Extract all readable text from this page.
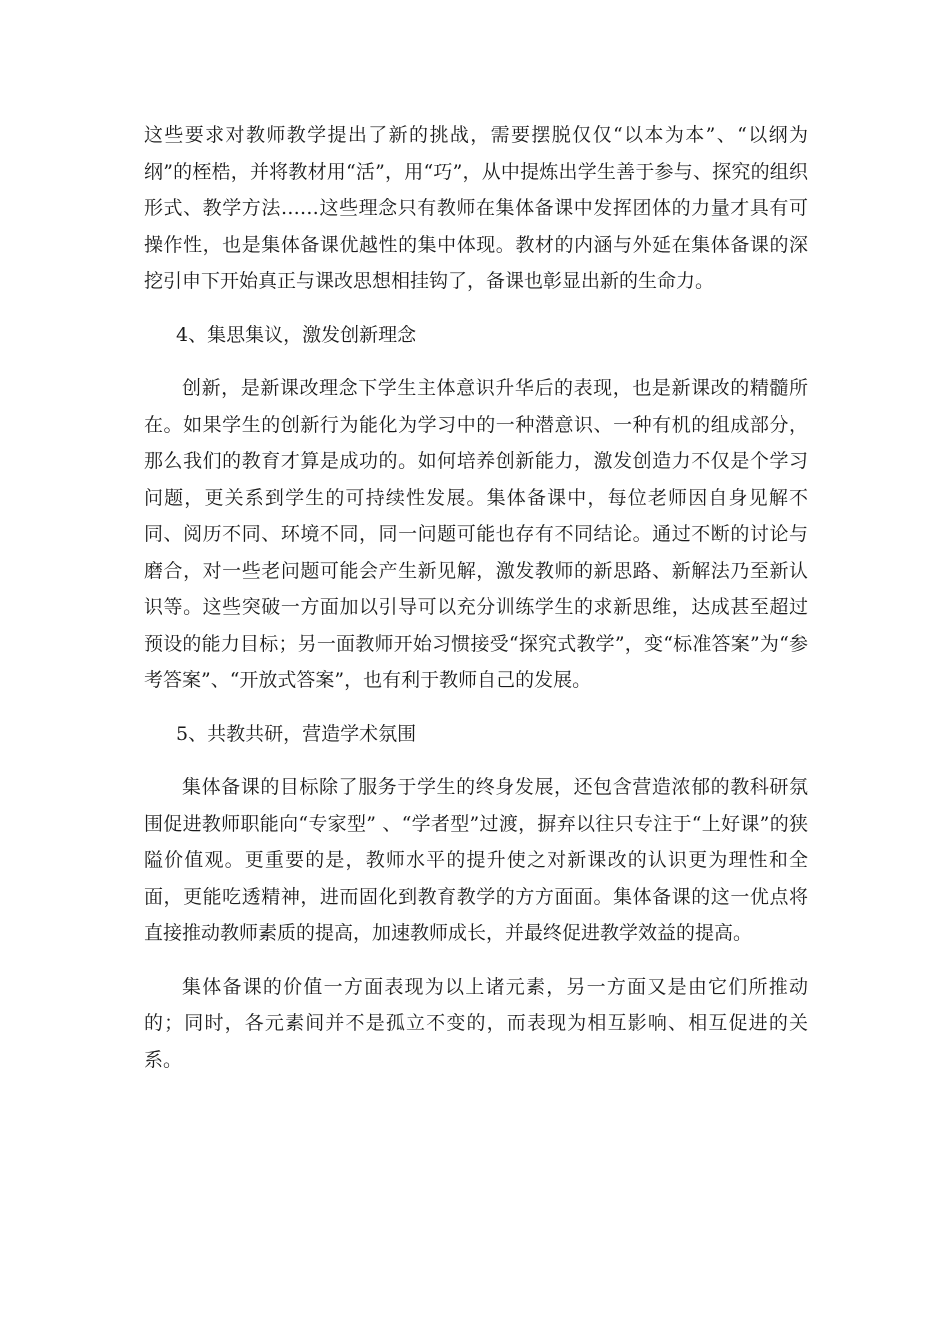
这些要求对教师教学提出了新的挑战，需要摆脱仅仅“以本为本”、“以纲为纲”的桎梏，并将教材用“活”，用“巧”，从中提炼出学生善于参与、探究的组织形式、教学方法……这些理念只有教师在集体备课中发挥团体的力量才具有可操作性，也是集体备课优越性的集中体现。教材的内涵与外延在集体备课的深挖引申下开始真正与课改思想相挂钩了，备课也彰显出新的生命力。

4、集思集议，激发创新理念

创新，是新课改理念下学生主体意识升华后的表现，也是新课改的精髓所在。如果学生的创新行为能化为学习中的一种潜意识、一种有机的组成部分，那么我们的教育才算是成功的。如何培养创新能力，激发创造力不仅是个学习问题，更关系到学生的可持续性发展。集体备课中，每位老师因自身见解不同、阅历不同、环境不同，同一问题可能也存有不同结论。通过不断的讨论与磨合，对一些老问题可能会产生新见解，激发教师的新思路、新解法乃至新认识等。这些突破一方面加以引导可以充分训练学生的求新思维，达成甚至超过预设的能力目标；另一面教师开始习惯接受“探究式教学”，变“标准答案”为“参考答案”、“开放式答案”，也有利于教师自己的发展。

5、共教共研，营造学术氛围

集体备课的目标除了服务于学生的终身发展，还包含营造浓郁的教科研氛围促进教师职能向“专家型” 、“学者型”过渡，摒弃以往只专注于“上好课”的狭隘价值观。更重要的是，教师水平的提升使之对新课改的认识更为理性和全面，更能吃透精神，进而固化到教育教学的方方面面。集体备课的这一优点将直接推动教师素质的提高，加速教师成长，并最终促进教学效益的提高。

集体备课的价值一方面表现为以上诸元素，另一方面又是由它们所推动的；同时，各元素间并不是孤立不变的，而表现为相互影响、相互促进的关系。
